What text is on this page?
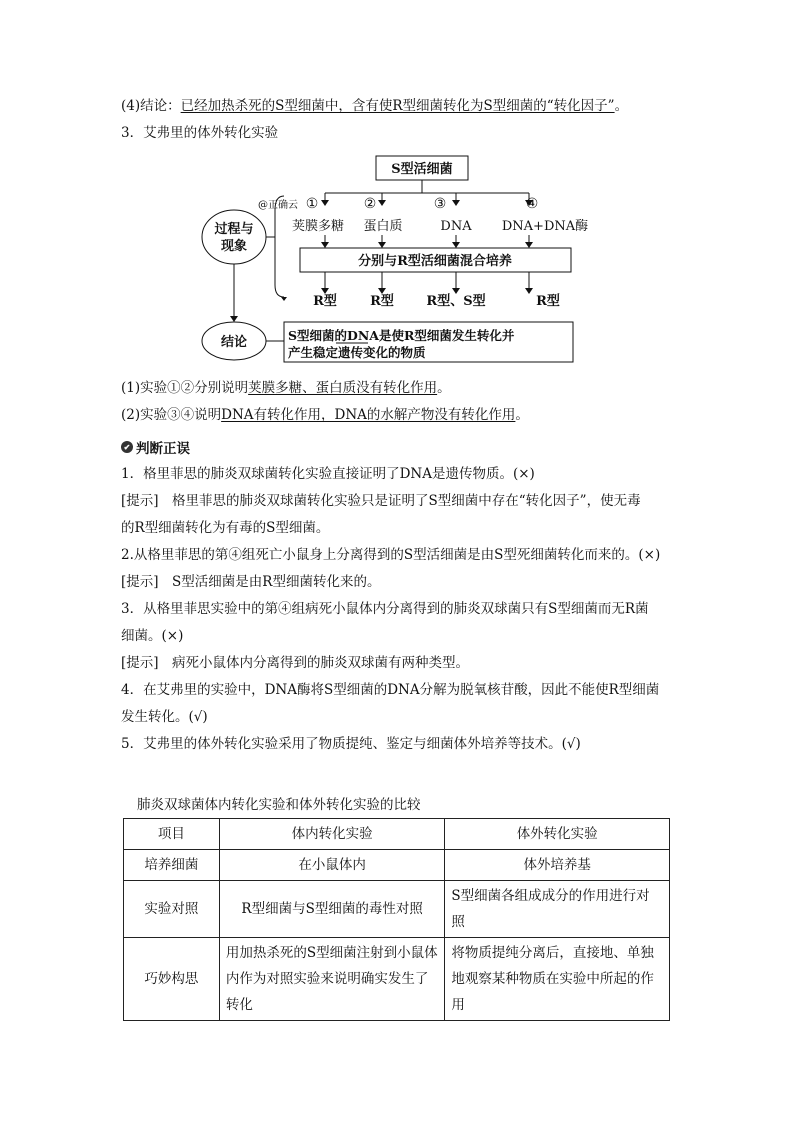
(4)结论：已经加热杀死的S型细菌中，含有使R型细菌转化为S型细菌的“转化因子”。
3．艾弗里的体外转化实验
S型活细菌
@正确云 ①	②	③	④
荚膜多糖 蛋白质	DNA DNA+DNA酶
分别与R型活细菌混合培养
R型	R型 R型、S型	R型
过程与
现象
结论	S型细菌的DNA是使R型细菌发生转化并
产生稳定遗传变化的物质
(1)实验①②分别说明荚膜多糖、蛋白质没有转化作用。
(2)实验③④说明DNA有转化作用，DNA的水解产物没有转化作用。
✔ 判断正误
1．格里菲思的肺炎双球菌转化实验直接证明了DNA是遗传物质。(×)
[提示]　格里菲思的肺炎双球菌转化实验只是证明了S型细菌中存在“转化因子”，使无毒
的R型细菌转化为有毒的S型细菌。
2.从格里菲思的第④组死亡小鼠身上分离得到的S型活细菌是由S型死细菌转化而来的。(×)
[提示]　S型活细菌是由R型细菌转化来的。
3．从格里菲思实验中的第④组病死小鼠体内分离得到的肺炎双球菌只有S型细菌而无R菌
细菌。(×)
[提示]　病死小鼠体内分离得到的肺炎双球菌有两种类型。
4．在艾弗里的实验中，DNA酶将S型细菌的DNA分解为脱氧核苷酸，因此不能使R型细菌
发生转化。(√)
5．艾弗里的体外转化实验采用了物质提纯、鉴定与细菌体外培养等技术。(√)
肺炎双球菌体内转化实验和体外转化实验的比较
项目	体内转化实验	体外转化实验
培养细菌	在小鼠体内	体外培养基
实验对照	R型细菌与S型细菌的毒性对照	S型细菌各组成成分的作用进行对照
巧妙构思	用加热杀死的S型细菌注射到小鼠体内作为对照实验来说明确实发生了转化	将物质提纯分离后，直接地、单独地观察某种物质在实验中所起的作用
